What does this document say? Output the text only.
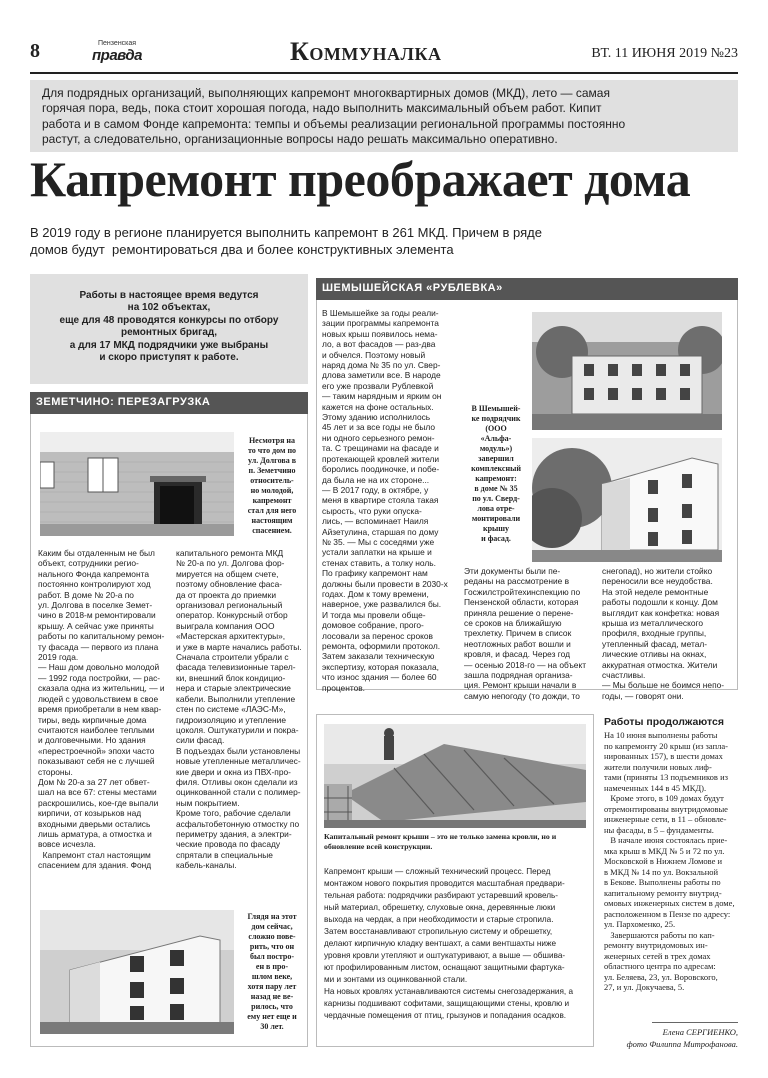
8	Пензенская
правда	Коммуналка	ВТ. 11 ИЮНЯ 2019 №23
Для подрядных организаций, выполняющих капремонт многоквартирных домов (МКД), лето — самая
горячая пора, ведь, пока стоит хорошая погода, надо выполнить максимальный объем работ. Кипит
работа и в самом Фонде капремонта: темпы и объемы реализации региональной программы постоянно
растут, а следовательно, организационные вопросы надо решать максимально оперативно.
Капремонт преображает дома
В 2019 году в регионе планируется выполнить капремонт в 261 МКД. Причем в ряде
домов будут  ремонтироваться два и более конструктивных элемента
Работы в настоящее время ведутся
на 102 объектах,
еще для 48 проводятся конкурсы по отбору
ремонтных бригад,
а для 17 МКД подрядчики уже выбраны
и скоро приступят к работе.
ЗЕМЕТЧИНО: ПЕРЕЗАГРУЗКА
Несмотря на
то что дом по
ул. Долгова в
п. Земетчино
относитель-
но молодой,
капремонт
стал для него
настоящим
спасением.
Каким бы отдаленным не был
объект, сотрудники регио-
нального Фонда капремонта
постоянно контролируют ход
работ. В доме № 20-а по
ул. Долгова в поселке Земет-
чино в 2018-м ремонтировали
крышу. А сейчас уже приняты
работы по капитальному ремон-
ту фасада — первого из плана
2019 года.
— Наш дом довольно молодой
— 1992 года постройки, — рас-
сказала одна из жительниц, — и
людей с удовольствием в свое
время приобретали в нем квар-
тиры, ведь кирпичные дома
считаются наиболее теплыми
и долговечными. Но здания
«перестроечной» эпохи часто
показывают себя не с лучшей
стороны.
Дом № 20-а за 27 лет обвет-
шал на все 67: стены местами
раскрошились, кое-где выпали
кирпичи, от козырьков над
входными дверьми остались
лишь арматура, а отмостка и
вовсе исчезла.
Капремонт стал настоящим
спасением для здания. Фонд
капитального ремонта МКД
№ 20-а по ул. Долгова фор-
мируется на общем счете,
поэтому обновление фаса-
да от проекта до приемки
организовал региональный
оператор. Конкурсный отбор
выиграла компания ООО
«Мастерская архитектуры»,
и уже в марте начались работы.
Сначала строители убрали с
фасада телевизионные тарел-
ки, внешний блок кондицио-
нера и старые электрические
кабели. Выполнили утепление
стен по системе «ЛАЭС-М»,
гидроизоляцию и утепление
цоколя. Оштукатурили и покра-
сили фасад.
В подъездах были установлены
новые утепленные металличес-
кие двери и окна из ПВХ-про-
филя. Отливы окон сделали из
оцинкованной стали с полимер-
ным покрытием.
Кроме того, рабочие сделали
асфальтобетонную отмостку по
периметру здания, а электри-
ческие провода по фасаду
спрятали в специальные
кабель-каналы.
Глядя на этот
дом сейчас,
сложно пове-
рить, что он
был постро-
ен в про-
шлом веке,
хотя пару лет
назад не ве-
рилось, что
ему нет еще и
30 лет.
ШЕМЫШЕЙСКАЯ «РУБЛЕВКА»
В Шемышейке за годы реали-
зации программы капремонта
новых крыш появилось нема-
ло, а вот фасадов — раз-два
и обчелся. Поэтому новый
наряд дома № 35 по ул. Свер-
длова заметили все. В народе
его уже прозвали Рублевкой
— таким нарядным и ярким он
кажется на фоне остальных.
Этому зданию исполнилось
45 лет и за все годы не было
ни одного серьезного ремон-
та. С трещинами на фасаде и
протекающей кровлей жители
боролись поодиночке, и побе-
да была не на их стороне...
— В 2017 году, в октябре, у
меня в квартире стояла такая
сырость, что руки опуска-
лись, — вспоминает Наиля
Айзетулина, старшая по дому
№ 35. — Мы с соседями уже
устали заплатки на крыше и
стенах ставить, а толку ноль.
По графику капремонт нам
должны были провести в 2030-х
годах. Дом к тому времени,
наверное, уже развалился бы.
И тогда мы провели обще-
домовое собрание, прого-
лосовали за перенос сроков
ремонта, оформили протокол.
Затем заказали техническую
экспертизу, которая показала,
что износ здания — более 60
процентов.
В Шемышей-
ке подрядчик
(ООО
«Альфа-
модуль»)
завершил
комплексный
капремонт:
в доме № 35
по ул. Сверд-
лова отре-
монтировали
крышу
и фасад.
Эти документы были пе-
реданы на рассмотрение в
Госжилстройтехинспекцию по
Пензенской области, которая
приняла решение о перене-
се сроков на ближайшую
трехлетку. Причем в список
неотложных работ вошли и
кровля, и фасад. Через год
— осенью 2018-го — на объект
зашла подрядная организа-
ция. Ремонт крыши начали в
самую непогоду (то дожди, то
снегопад), но жители стойко
переносили все неудобства.
На этой неделе ремонтные
работы подошли к концу. Дом
выглядит как конфетка: новая
крыша из металлического
профиля, входные группы,
утепленный фасад, метал-
лические отливы на окнах,
аккуратная отмостка. Жители
счастливы.
— Мы больше не боимся непо-
годы, — говорят они.
Капитальный ремонт крыши – это не только замена кровли, но и
обновление всей конструкции.
Капремонт крыши — сложный технический процесс. Перед
монтажом нового покрытия проводится масштабная предвари-
тельная работа: подрядчики разбирают устаревший кровель-
ный материал, обрешетку, слуховые окна, деревянные люки
выхода на чердак, а при необходимости и старые стропила.
Затем восстанавливают стропильную систему и обрешетку,
делают кирпичную кладку вентшахт, а сами вентшахты ниже
уровня кровли утепляют и оштукатуривают, а выше — обшива-
ют профилированным листом, оснащают защитными фартука-
ми и зонтами из оцинкованной стали.
На новых кровлях устанавливаются системы снегозадержания, а
карнизы подшивают софитами, защищающими стены, кровлю и
чердачные помещения от птиц, грызунов и попадания осадков.
Работы продолжаются
На 10 июня выполнены работы
по капремонту 20 крыш (из запла-
нированных 157), в шести домах
жители получили новых лиф-
тами (приняты 13 подъемников из
намеченных 144 в 45 МКД).
Кроме этого, в 109 домах будут
отремонтированы внутридомовые
инженерные сети, в 11 – обновле-
ны фасады, в 5 – фундаменты.
В начале июня состоялась прие-
мка крыш в МКД № 5 и 72 по ул.
Московской в Нижнем Ломове и
в МКД № 14 по ул. Вокзальной
в Бекове. Выполнены работы по
капитальному ремонту внутрид-
омовых инженерных систем в доме,
расположенном в Пензе по адресу:
ул. Пархоменко, 25.
Завершаются работы по кап-
ремонту внутридомовых ин-
женерных сетей в трех домах
областного центра по адресам:
ул. Беляева, 23, ул. Воровского,
27, и ул. Докучаева, 5.
Елена СЕРГИЕНКО,
фото Филиппа Митрофанова.
